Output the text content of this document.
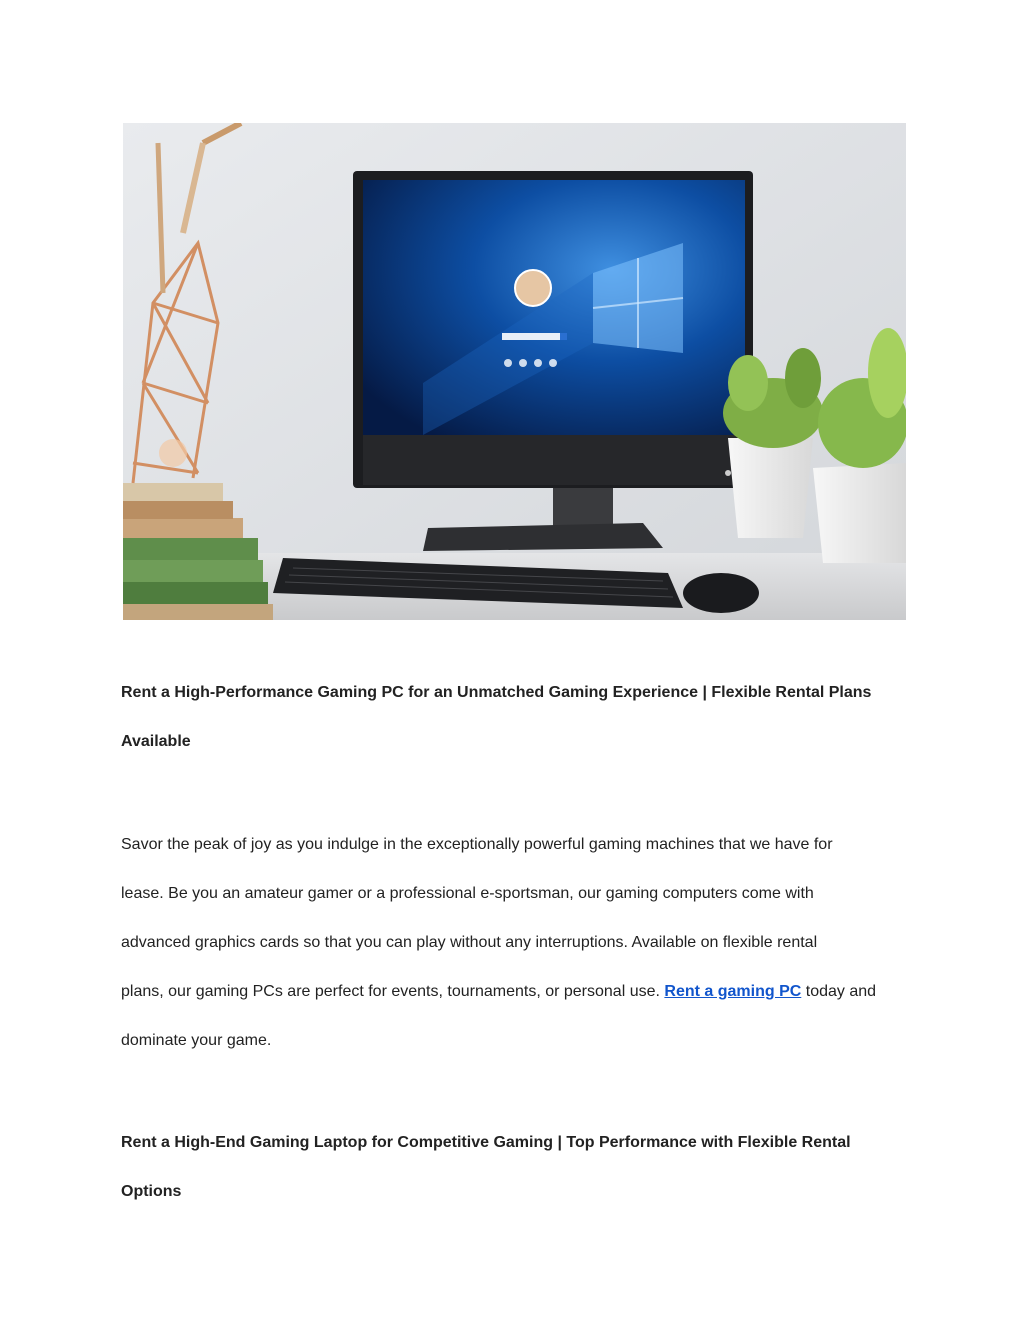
Rent a High-Performance Gaming PC for an Unmatched Gaming Experience | Flexible Rental Plans
Available

Savor the peak of joy as you indulge in the exceptionally powerful gaming machines that we have for
lease. Be you an amateur gamer or a professional e-sportsman, our gaming computers come with
advanced graphics cards so that you can play without any interruptions. Available on flexible rental
plans, our gaming PCs are perfect for events, tournaments, or personal use. Rent a gaming PC today and
dominate your game.

Rent a High-End Gaming Laptop for Competitive Gaming | Top Performance with Flexible Rental
Options
